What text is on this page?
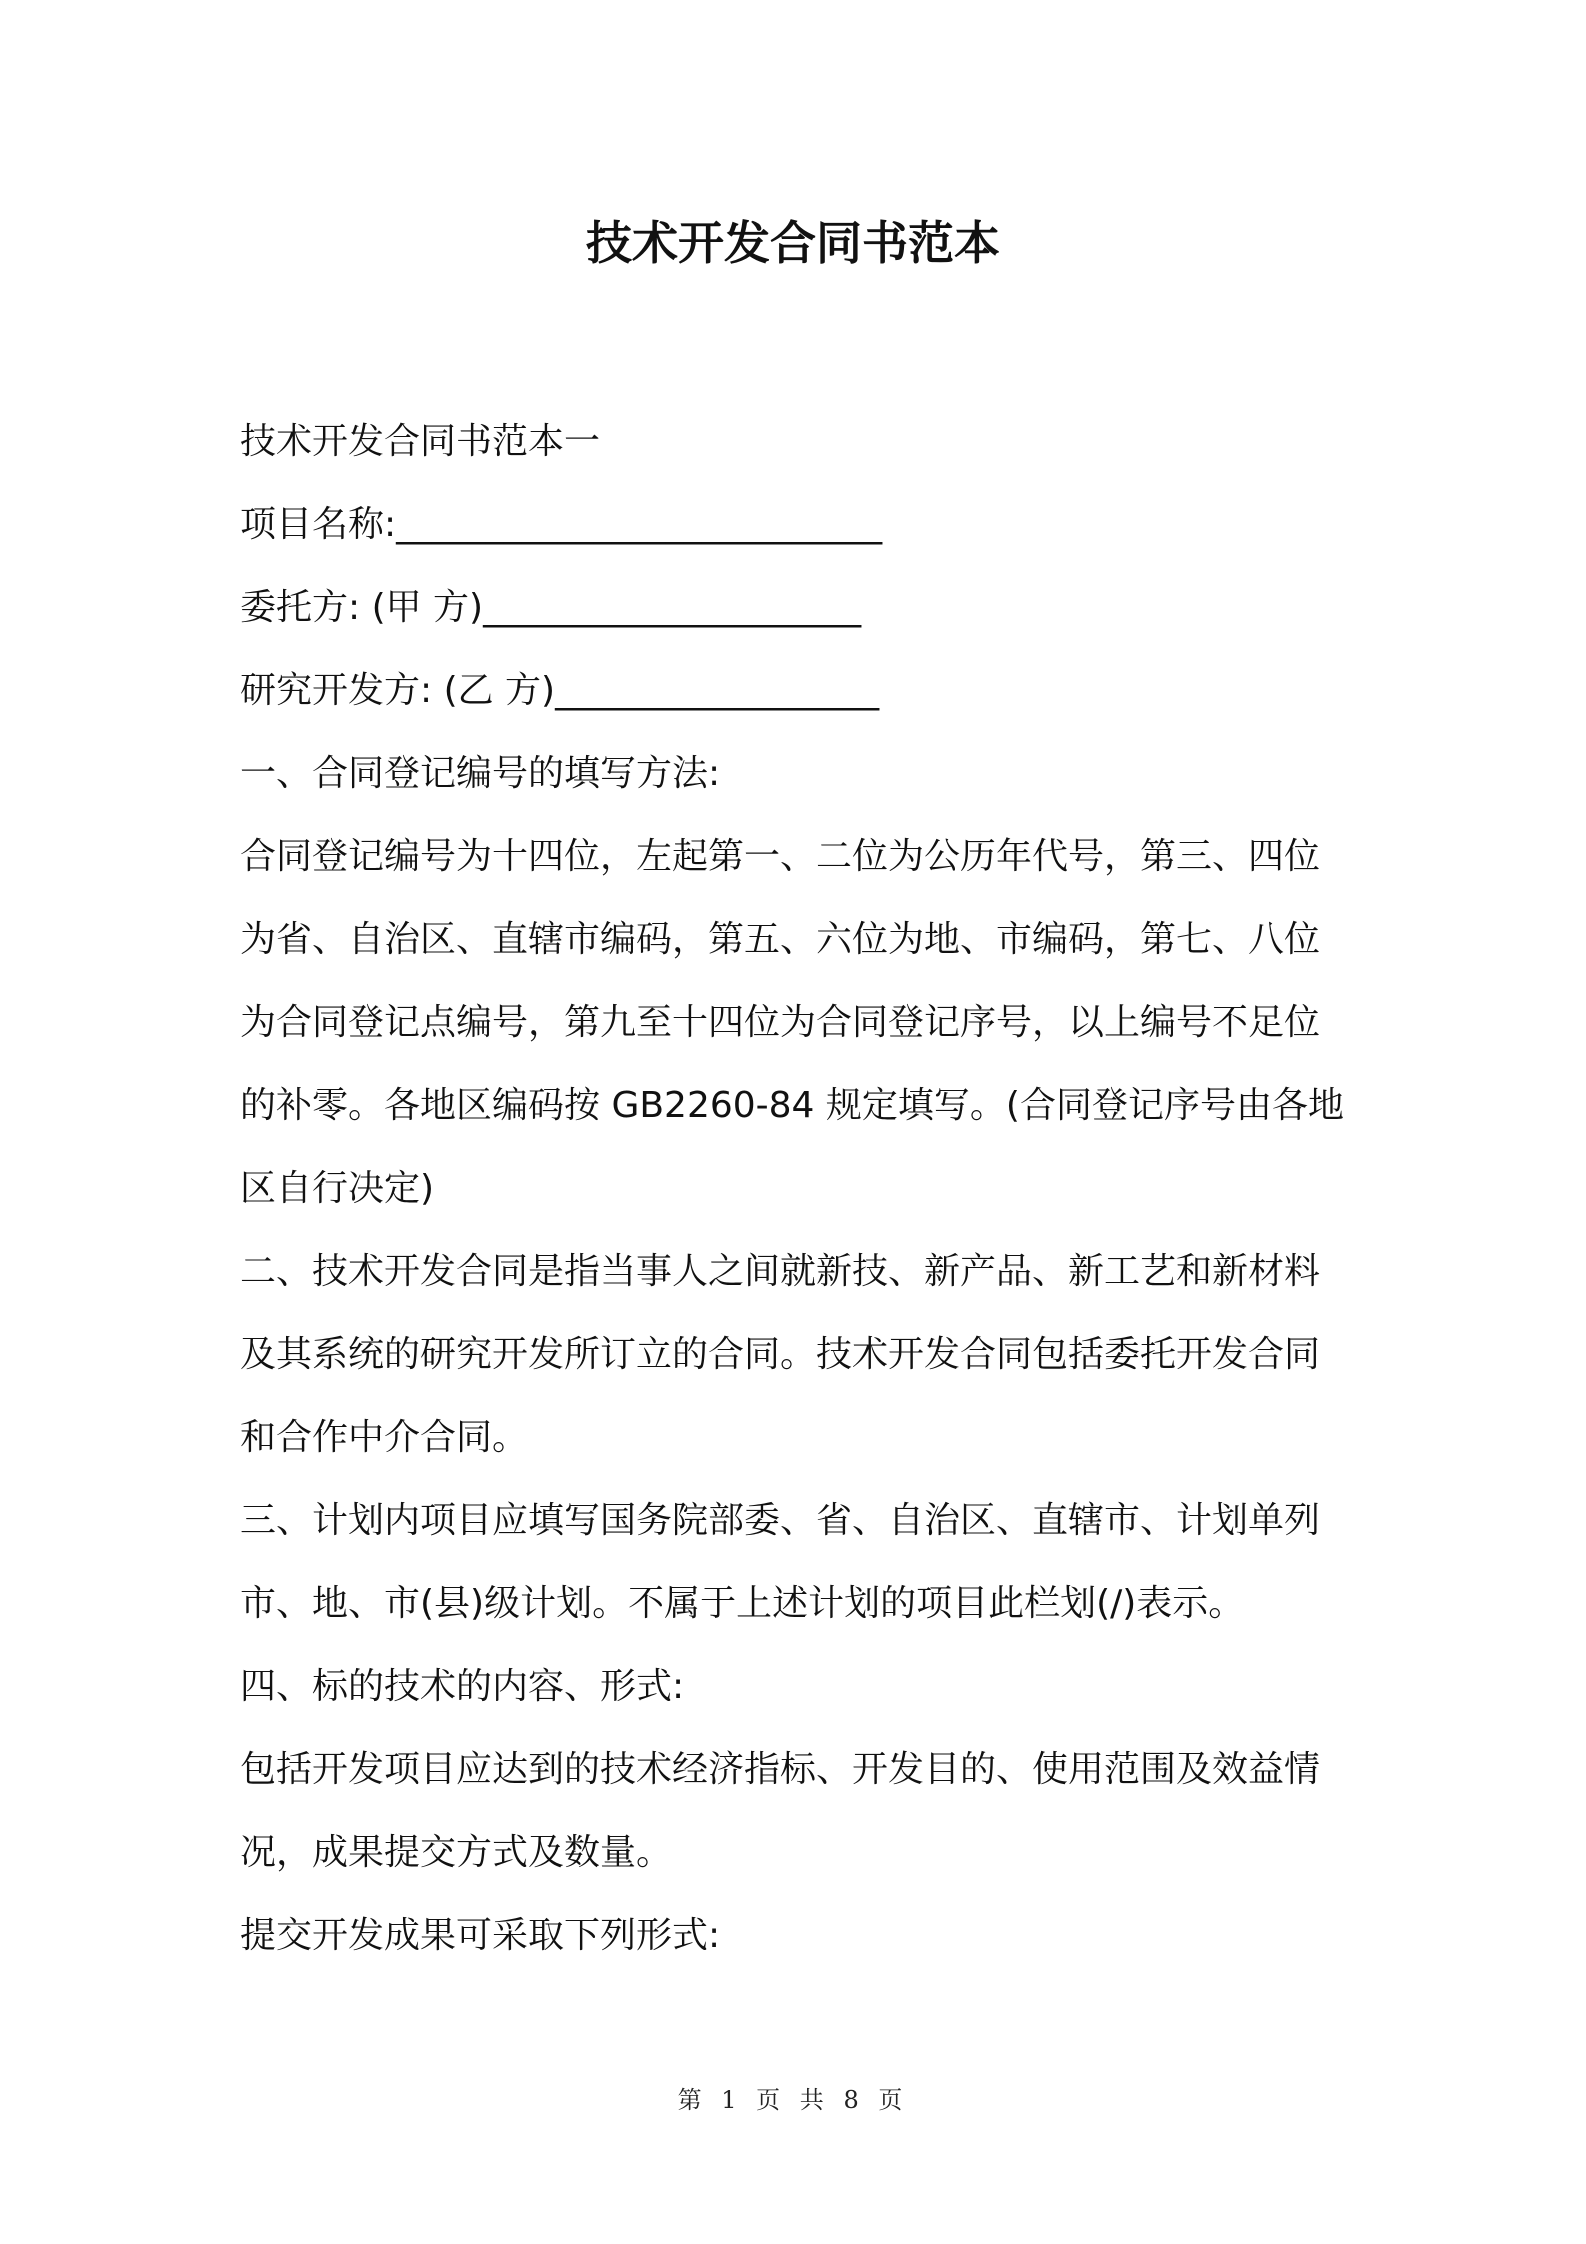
技术开发合同书范本
技术开发合同书范本一
项目名称:___________________________
委托方: (甲 方)_____________________
研究开发方: (乙 方)__________________
一、合同登记编号的填写方法:
合同登记编号为十四位，左起第一、二位为公历年代号，第三、四位
为省、自治区、直辖市编码，第五、六位为地、市编码，第七、八位
为合同登记点编号，第九至十四位为合同登记序号，以上编号不足位
的补零。各地区编码按 GB2260-84 规定填写。(合同登记序号由各地
区自行决定)
二、技术开发合同是指当事人之间就新技、新产品、新工艺和新材料
及其系统的研究开发所订立的合同。技术开发合同包括委托开发合同
和合作中介合同。
三、计划内项目应填写国务院部委、省、自治区、直辖市、计划单列
市、地、市(县)级计划。不属于上述计划的项目此栏划(/)表示。
四、标的技术的内容、形式:
包括开发项目应达到的技术经济指标、开发目的、使用范围及效益情
况，成果提交方式及数量。
提交开发成果可采取下列形式:
第 1 页 共 8 页
